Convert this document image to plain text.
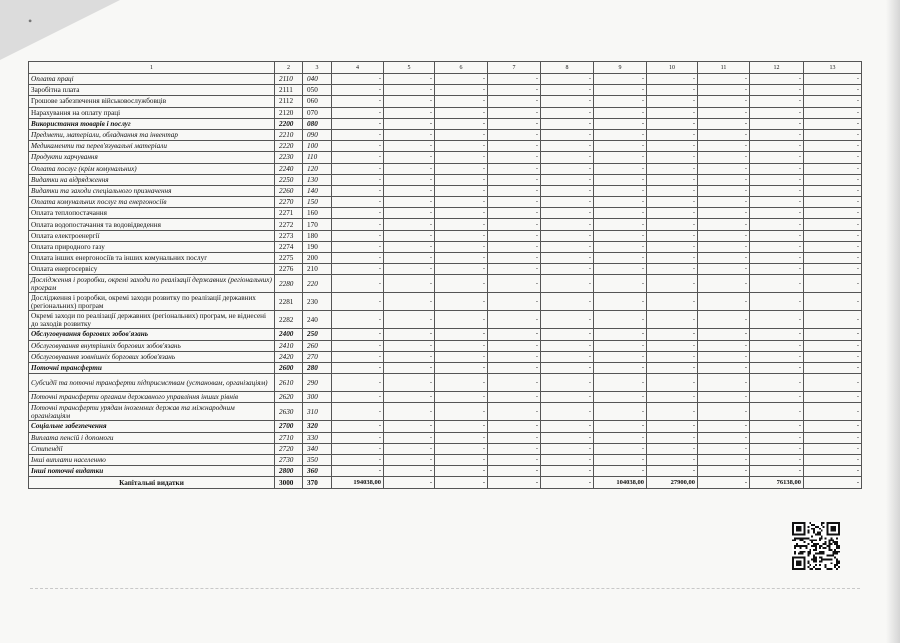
1	2	3	4	5	6	7	8	9	10	11	12	13
Оплата праці	2110	040	-	-	-	-	-	-	-	-	-	-
Заробітна плата	2111	050	-	-	-	-	-	-	-	-	-	-
Грошове забезпечення військовослужбовців	2112	060	-	-	-	-	-	-	-	-	-	-
Нарахування на оплату праці	2120	070	-	-	-	-	-	-	-	-	-	-
Використання товарів і послуг	2200	080	-	-	-	-	-	-	-	-	-	-
Предмети, матеріали, обладнання та інвентар	2210	090	-	-	-	-	-	-	-	-	-	-
Медикаменти та перев'язувальні матеріали	2220	100	-	-	-	-	-	-	-	-	-	-
Продукти харчування	2230	110	-	-	-	-	-	-	-	-	-	-
Оплата послуг (крім комунальних)	2240	120	-	-	-	-	-	-	-	-	-	-
Видатки на відрядження	2250	130	-	-	-	-	-	-	-	-	-	-
Видатки та заходи спеціального призначення	2260	140	-	-	-	-	-	-	-	-	-	-
Оплата комунальних послуг та енергоносіїв	2270	150	-	-	-	-	-	-	-	-	-	-
Оплата теплопостачання	2271	160	-	-	-	-	-	-	-	-	-	-
Оплата водопостачання та водовідведення	2272	170	-	-	-	-	-	-	-	-	-	-
Оплата електроенергії	2273	180	-	-	-	-	-	-	-	-	-	-
Оплата природного газу	2274	190	-	-	-	-	-	-	-	-	-	-
Оплата інших енергоносіїв та інших комунальних послуг	2275	200	-	-	-	-	-	-	-	-	-	-
Оплата енергосервісу	2276	210	-	-	-	-	-	-	-	-	-	-
Дослідження і розробки, окремі заходи по реалізації державних (регіональних) програм	2280	220	-	-	-	-	-	-	-	-	-	-
Дослідження і розробки, окремі заходи розвитку по реалізації державних (регіональних) програм	2281	230	-	-	-	-	-	-	-	-	-	-
Окремі заходи по реалізації державних (регіональних) програм, не віднесені до заходів розвитку	2282	240	-	-	-	-	-	-	-	-	-	-
Обслуговування боргових зобов'язань	2400	250	-	-	-	-	-	-	-	-	-	-
Обслуговування внутрішніх боргових зобов'язань	2410	260	-	-	-	-	-	-	-	-	-	-
Обслуговування зовнішніх боргових зобов'язань	2420	270	-	-	-	-	-	-	-	-	-	-
Поточні трансферти	2600	280	-	-	-	-	-	-	-	-	-	-
Субсидії та поточні трансферти підприємствам (установам, організаціям)	2610	290	-	-	-	-	-	-	-	-	-	-
Поточні трансферти органам державного управління інших рівнів	2620	300	-	-	-	-	-	-	-	-	-	-
Поточні трансферти урядам іноземних держав та міжнародним організаціям	2630	310	-	-	-	-	-	-	-	-	-	-
Соціальне забезпечення	2700	320	-	-	-	-	-	-	-	-	-	-
Виплата пенсій і допомоги	2710	330	-	-	-	-	-	-	-	-	-	-
Стипендії	2720	340	-	-	-	-	-	-	-	-	-	-
Інші виплати населенню	2730	350	-	-	-	-	-	-	-	-	-	-
Інші поточні видатки	2800	360	-	-	-	-	-	-	-	-	-	-
Капітальні видатки	3000	370	194038,00	-	-	-	-	104038,00	27900,00	-	76138,00	-
•
